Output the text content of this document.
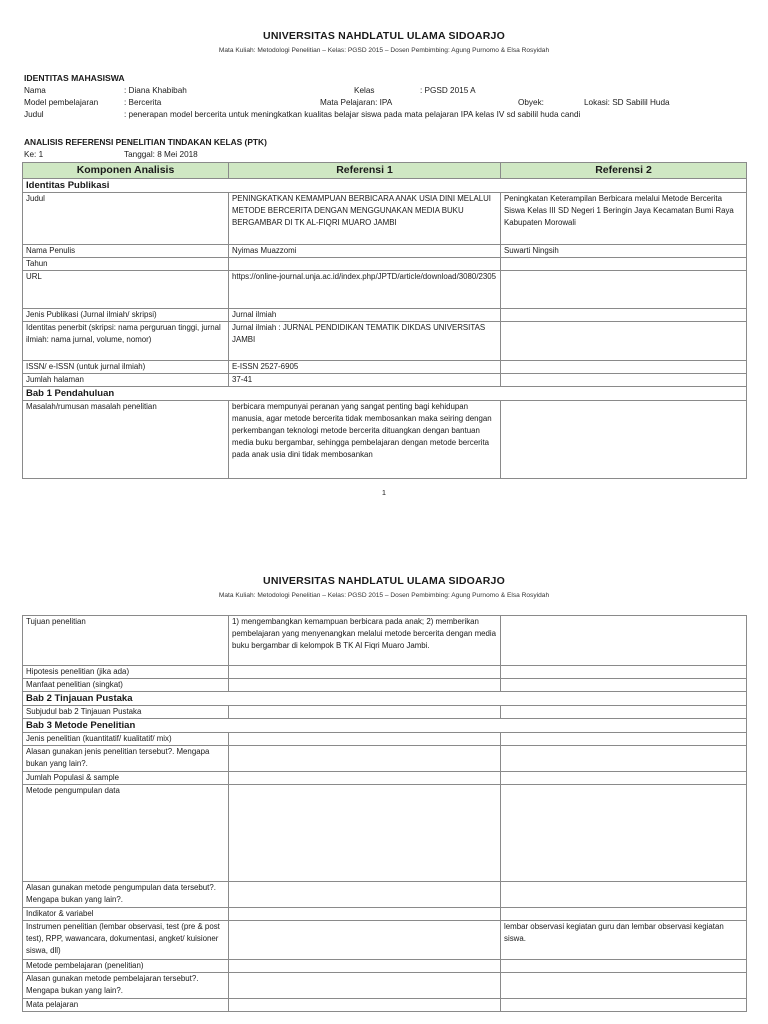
UNIVERSITAS NAHDLATUL ULAMA SIDOARJO
Mata Kuliah: Metodologi Penelitian – Kelas: PGSD 2015 – Dosen Pembimbing: Agung Purnomo & Elsa Rosyidah
IDENTITAS MAHASISWA
Nama	: Diana Khabibah	Kelas	: PGSD 2015 A
Model pembelajaran	: Bercerita	Mata Pelajaran: IPA	Obyek:	Lokasi: SD Sabilil Huda
Judul	: penerapan model bercerita untuk meningkatkan kualitas belajar siswa pada mata pelajaran IPA kelas IV sd sabilil huda candi
ANALISIS REFERENSI PENELITIAN TINDAKAN KELAS (PTK)
Ke: 1	Tanggal: 8 Mei 2018
Komponen Analisis	Referensi 1	Referensi 2
Identitas Publikasi		
Judul	PENINGKATKAN KEMAMPUAN BERBICARA ANAK USIA DINI MELALUI METODE BERCERITA DENGAN MENGGUNAKAN MEDIA BUKU BERGAMBAR DI TK AL-FIQRI MUARO JAMBI	Peningkatan Keterampilan Berbicara melalui Metode Bercerita Siswa Kelas III SD Negeri 1 Beringin Jaya Kecamatan Bumi Raya Kabupaten Morowali
Nama Penulis	Nyimas Muazzomi	Suwarti Ningsih
Tahun		
URL	https://online-journal.unja.ac.id/index.php/JPTD/article/download/3080/2305	
Jenis Publikasi (Jurnal ilmiah/ skripsi)	Jurnal ilmiah	
Identitas penerbit (skripsi: nama perguruan tinggi, jurnal ilmiah: nama jurnal, volume, nomor)	Jurnal ilmiah : JURNAL PENDIDIKAN TEMATIK DIKDAS UNIVERSITAS JAMBI	
ISSN/ e-ISSN (untuk jurnal ilmiah)	E-ISSN 2527-6905	
Jumlah halaman	37-41	
Bab 1 Pendahuluan		
Masalah/rumusan masalah penelitian	berbicara mempunyai peranan yang sangat penting bagi kehidupan manusia, agar metode bercerita tidak membosankan maka seiring dengan perkembangan teknologi metode bercerita dituangkan dengan bantuan media buku bergambar, sehingga pembelajaran dengan metode bercerita pada anak usia dini tidak membosankan	
1
UNIVERSITAS NAHDLATUL ULAMA SIDOARJO
Mata Kuliah: Metodologi Penelitian – Kelas: PGSD 2015 – Dosen Pembimbing: Agung Purnomo & Elsa Rosyidah
Tujuan penelitian	1) mengembangkan kemampuan berbicara pada anak; 2) memberikan pembelajaran yang menyenangkan melalui metode bercerita dengan media buku bergambar di kelompok B TK Al Fiqri Muaro Jambi.	
Hipotesis penelitian (jika ada)		
Manfaat penelitian (singkat)		
Bab 2 Tinjauan Pustaka		
Subjudul bab 2 Tinjauan Pustaka		
Bab 3 Metode Penelitian		
Jenis penelitian (kuantitatif/ kualitatif/ mix)		
Alasan gunakan jenis penelitian tersebut?. Mengapa bukan yang lain?.		
Jumlah Populasi & sample		
Metode pengumpulan data		
Alasan gunakan metode pengumpulan data tersebut?. Mengapa bukan yang lain?.		
Indikator & variabel		
Instrumen penelitian (lembar observasi, test (pre & post test), RPP, wawancara, dokumentasi, angket/ kuisioner siswa, dll)		lembar observasi kegiatan guru dan lembar observasi kegiatan siswa.
Metode pembelajaran (penelitian)		
Alasan gunakan metode pembelajaran tersebut?. Mengapa bukan yang lain?.		
Mata pelajaran		
